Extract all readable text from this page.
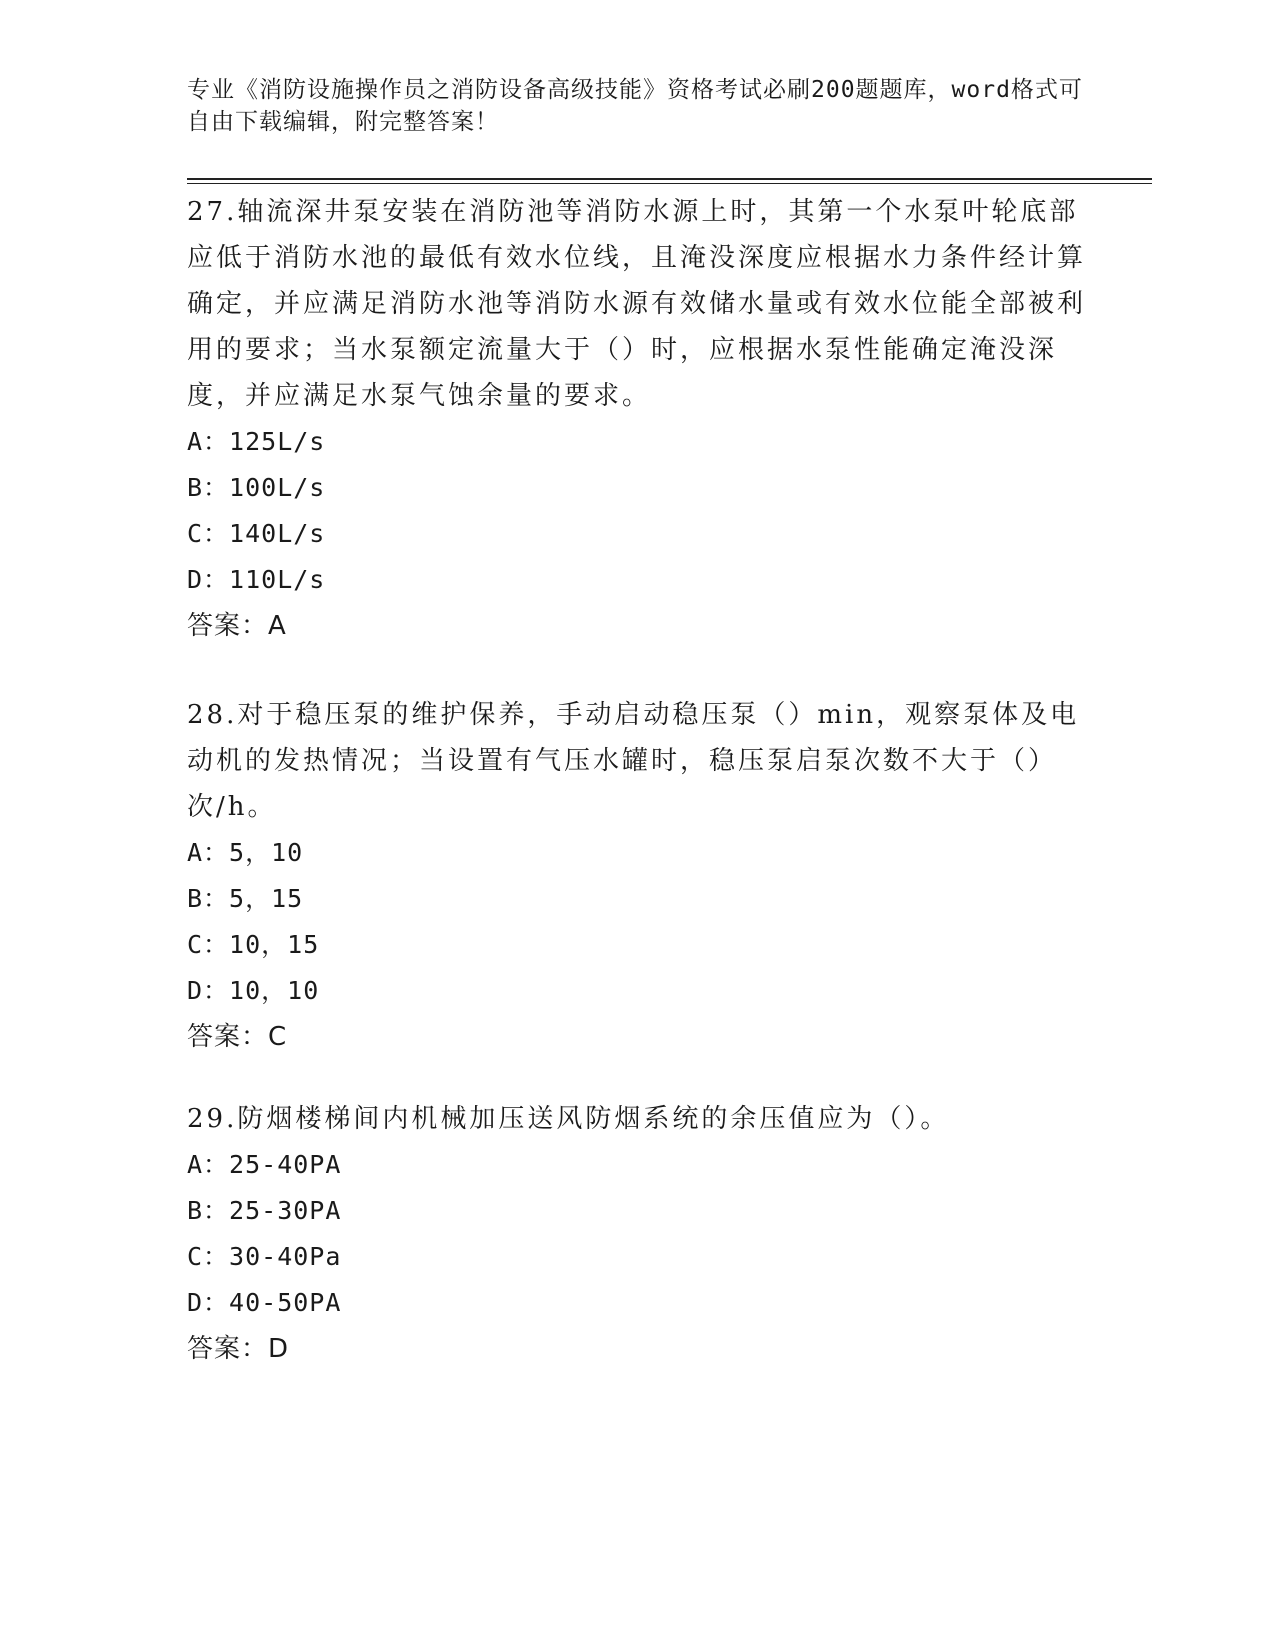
专业《消防设施操作员之消防设备高级技能》资格考试必刷200题题库，word格式可自由下载编辑，附完整答案！

27.轴流深井泵安装在消防池等消防水源上时，其第一个水泵叶轮底部应低于消防水池的最低有效水位线，且淹没深度应根据水力条件经计算确定，并应满足消防水池等消防水源有效储水量或有效水位能全部被利用的要求；当水泵额定流量大于（）时，应根据水泵性能确定淹没深度，并应满足水泵气蚀余量的要求。

A：125L/s

B：100L/s

C：140L/s

D：110L/s

答案：A

28.对于稳压泵的维护保养，手动启动稳压泵（）min，观察泵体及电动机的发热情况；当设置有气压水罐时，稳压泵启泵次数不大于（）次/h。

A：5，10

B：5，15

C：10，15

D：10，10

答案：C

29.防烟楼梯间内机械加压送风防烟系统的余压值应为（）。

A：25-40PA

B：25-30PA

C：30-40Pa

D：40-50PA

答案：D
